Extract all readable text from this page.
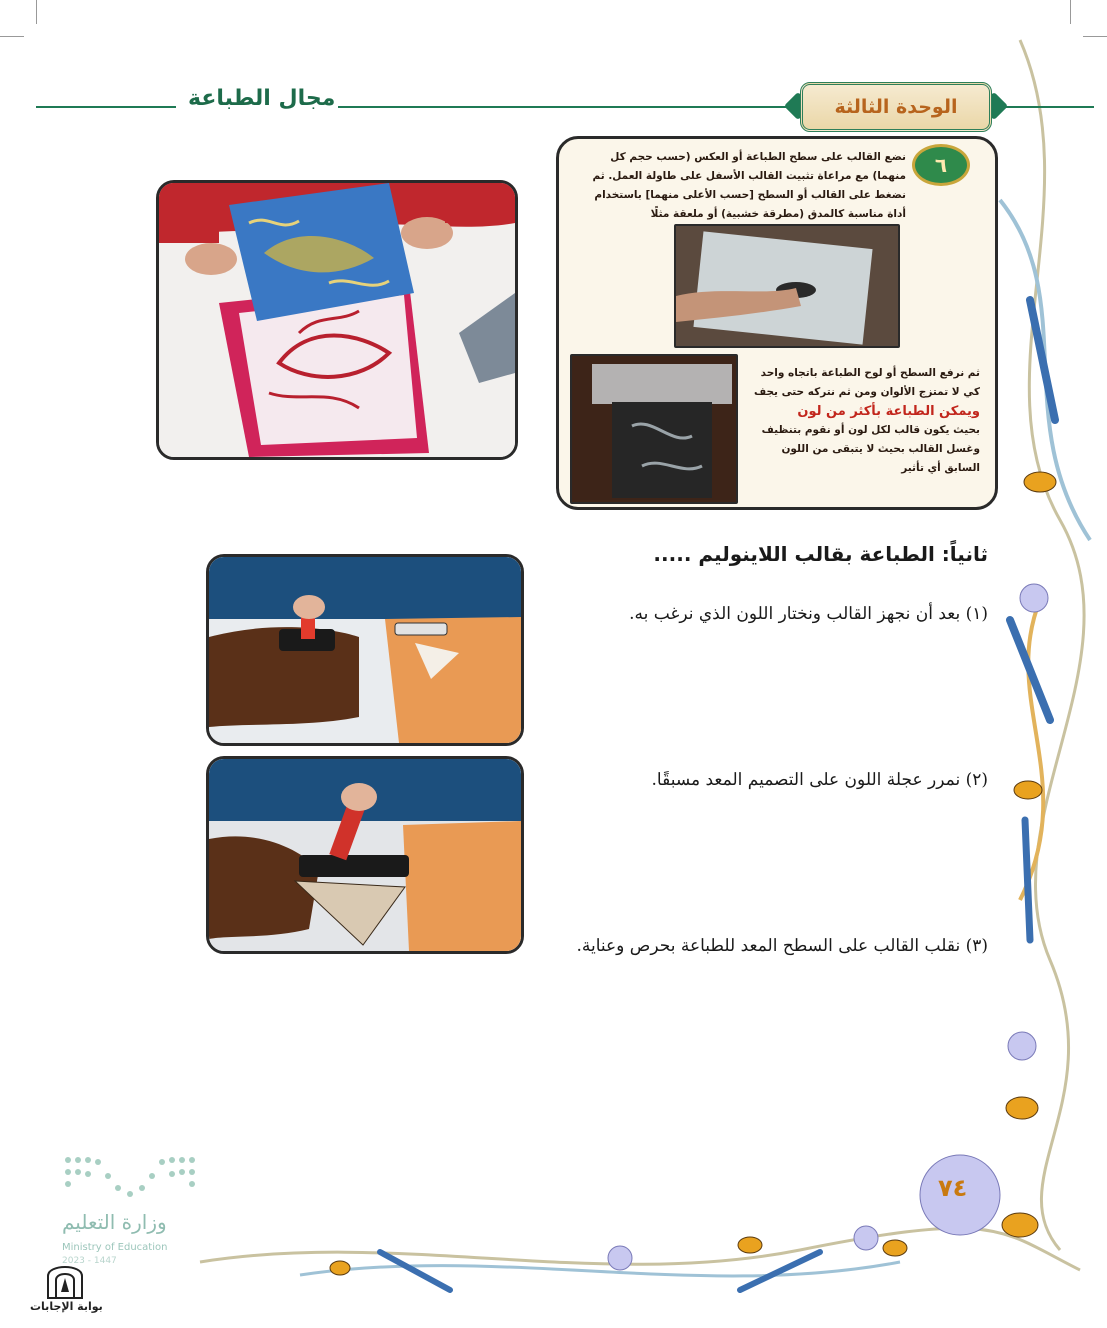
مجال الطباعة	الوحدة الثالثة
٦
نضع القالب على سطح الطباعة أو العكس (حسب حجم كل
منهما) مع مراعاة تثبيت القالب الأسفل على طاولة العمل. ثم
نضغط على القالب أو السطح [حسب الأعلى منهما] باستخدام
أداة مناسبة كالمدق (مطرقة خشبية) أو ملعقة مثلًا
ثم نرفع السطح أو لوح الطباعة باتجاه واحد
كي لا تمتزج الألوان ومن ثم نتركه حتى يجف
ويمكن الطباعة بأكثر من لون
بحيث يكون قالب لكل لون أو نقوم بتنظيف
وغسل القالب بحيث لا يتبقى من اللون
السابق أي تأثير
ثانياً: الطباعة بقالب اللاينوليم .....
(١) بعد أن نجهز القالب ونختار اللون الذي نرغب به.
(٢) نمرر عجلة اللون على التصميم المعد مسبقًا.
(٣) نقلب القالب على السطح المعد للطباعة بحرص وعناية.
٧٤
وزارة التعليم
Ministry of Education
2023 - 1447
بوابة الإجابات
